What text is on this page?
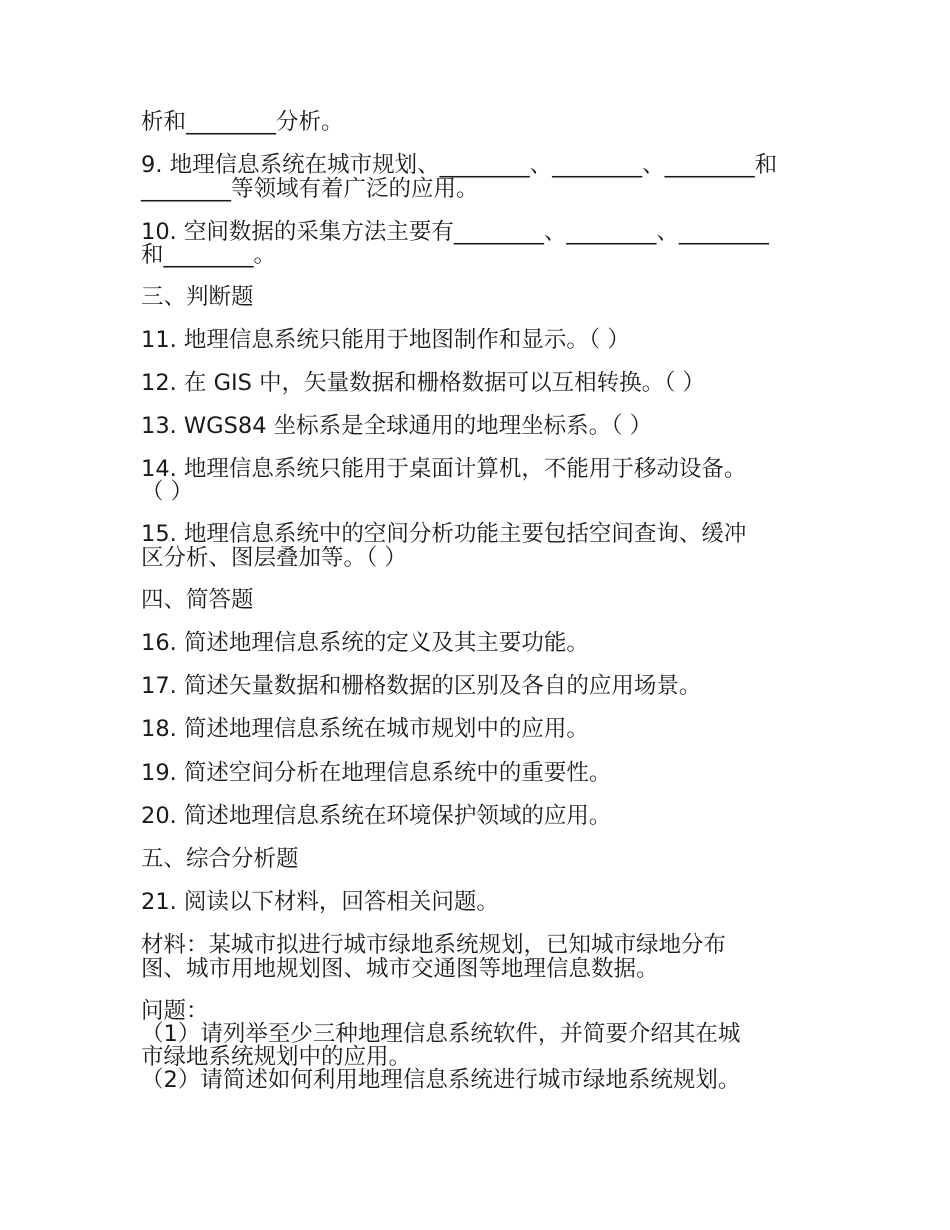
析和________分析。
9. 地理信息系统在城市规划、________、________、________和
________等领域有着广泛的应用。
10. 空间数据的采集方法主要有________、________、________
和________。
三、判断题
11. 地理信息系统只能用于地图制作和显示。（ ）
12. 在 GIS 中，矢量数据和栅格数据可以互相转换。（ ）
13. WGS84 坐标系是全球通用的地理坐标系。（ ）
14. 地理信息系统只能用于桌面计算机，不能用于移动设备。
（ ）
15. 地理信息系统中的空间分析功能主要包括空间查询、缓冲
区分析、图层叠加等。（ ）
四、简答题
16. 简述地理信息系统的定义及其主要功能。
17. 简述矢量数据和栅格数据的区别及各自的应用场景。
18. 简述地理信息系统在城市规划中的应用。
19. 简述空间分析在地理信息系统中的重要性。
20. 简述地理信息系统在环境保护领域的应用。
五、综合分析题
21. 阅读以下材料，回答相关问题。
材料：某城市拟进行城市绿地系统规划，已知城市绿地分布
图、城市用地规划图、城市交通图等地理信息数据。
问题：
（1）请列举至少三种地理信息系统软件，并简要介绍其在城
市绿地系统规划中的应用。
（2）请简述如何利用地理信息系统进行城市绿地系统规划。
